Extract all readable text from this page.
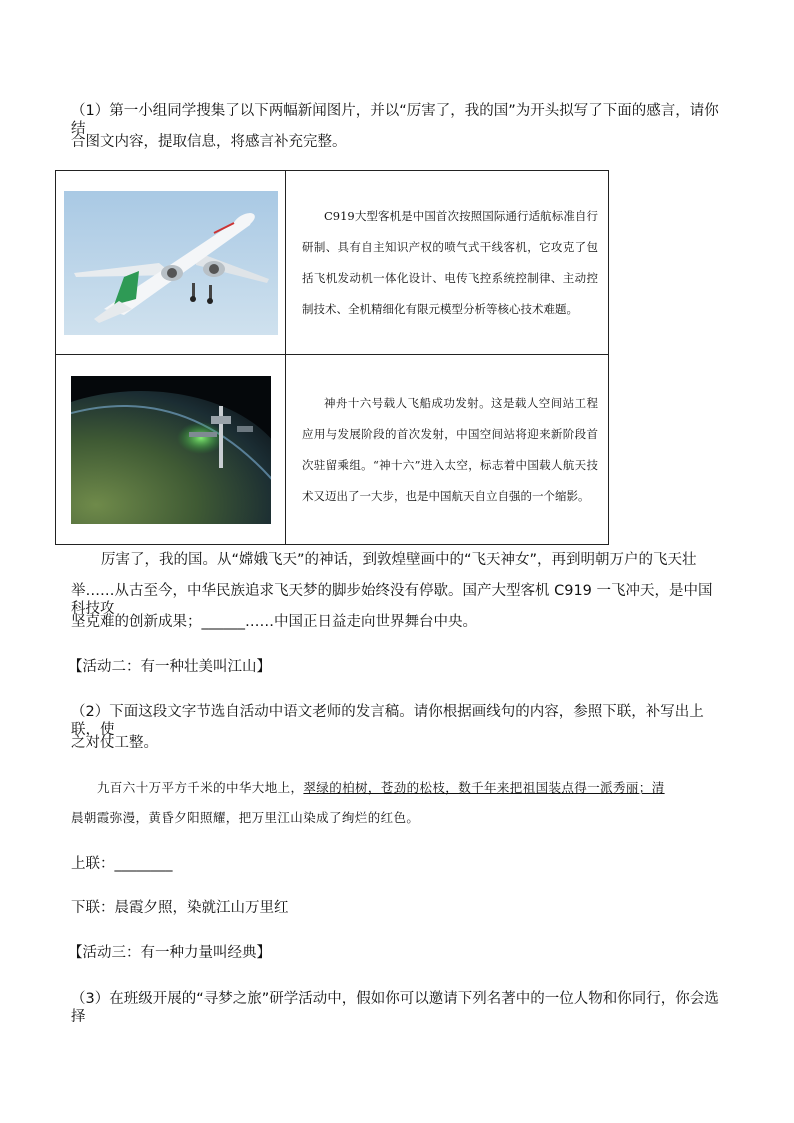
（1）第一小组同学搜集了以下两幅新闻图片，并以“厉害了，我的国”为开头拟写了下面的感言，请你结
合图文内容，提取信息，将感言补充完整。

C919大型客机是中国首次按照国际通行适航标准自行研制、具有自主知识产权的喷气式干线客机，它攻克了包括飞机发动机一体化设计、电传飞控系统控制律、主动控制技术、全机精细化有限元模型分析等核心技术难题。

神舟十六号载人飞船成功发射。这是载人空间站工程应用与发展阶段的首次发射，中国空间站将迎来新阶段首次驻留乘组。“神十六”进入太空，标志着中国载人航天技术又迈出了一大步，也是中国航天自立自强的一个缩影。
厉害了，我的国。从“嫦娥飞天”的神话，到敦煌壁画中的“飞天神女”，再到明朝万户的飞天壮
举……从古至今，中华民族追求飞天梦的脚步始终没有停歇。国产大型客机 C919 一飞冲天，是中国科技攻
坚克难的创新成果；______……中国正日益走向世界舞台中央。
【活动二：有一种壮美叫江山】
（2）下面这段文字节选自活动中语文老师的发言稿。请你根据画线句的内容，参照下联，补写出上联，使
之对仗工整。
九百六十万平方千米的中华大地上，翠绿的柏树，苍劲的松枝，数千年来把祖国装点得一派秀丽；清
晨朝霞弥漫，黄昏夕阳照耀，把万里江山染成了绚烂的红色。
上联：________
下联：晨霞夕照，染就江山万里红
【活动三：有一种力量叫经典】
（3）在班级开展的“寻梦之旅”研学活动中，假如你可以邀请下列名著中的一位人物和你同行，你会选择
